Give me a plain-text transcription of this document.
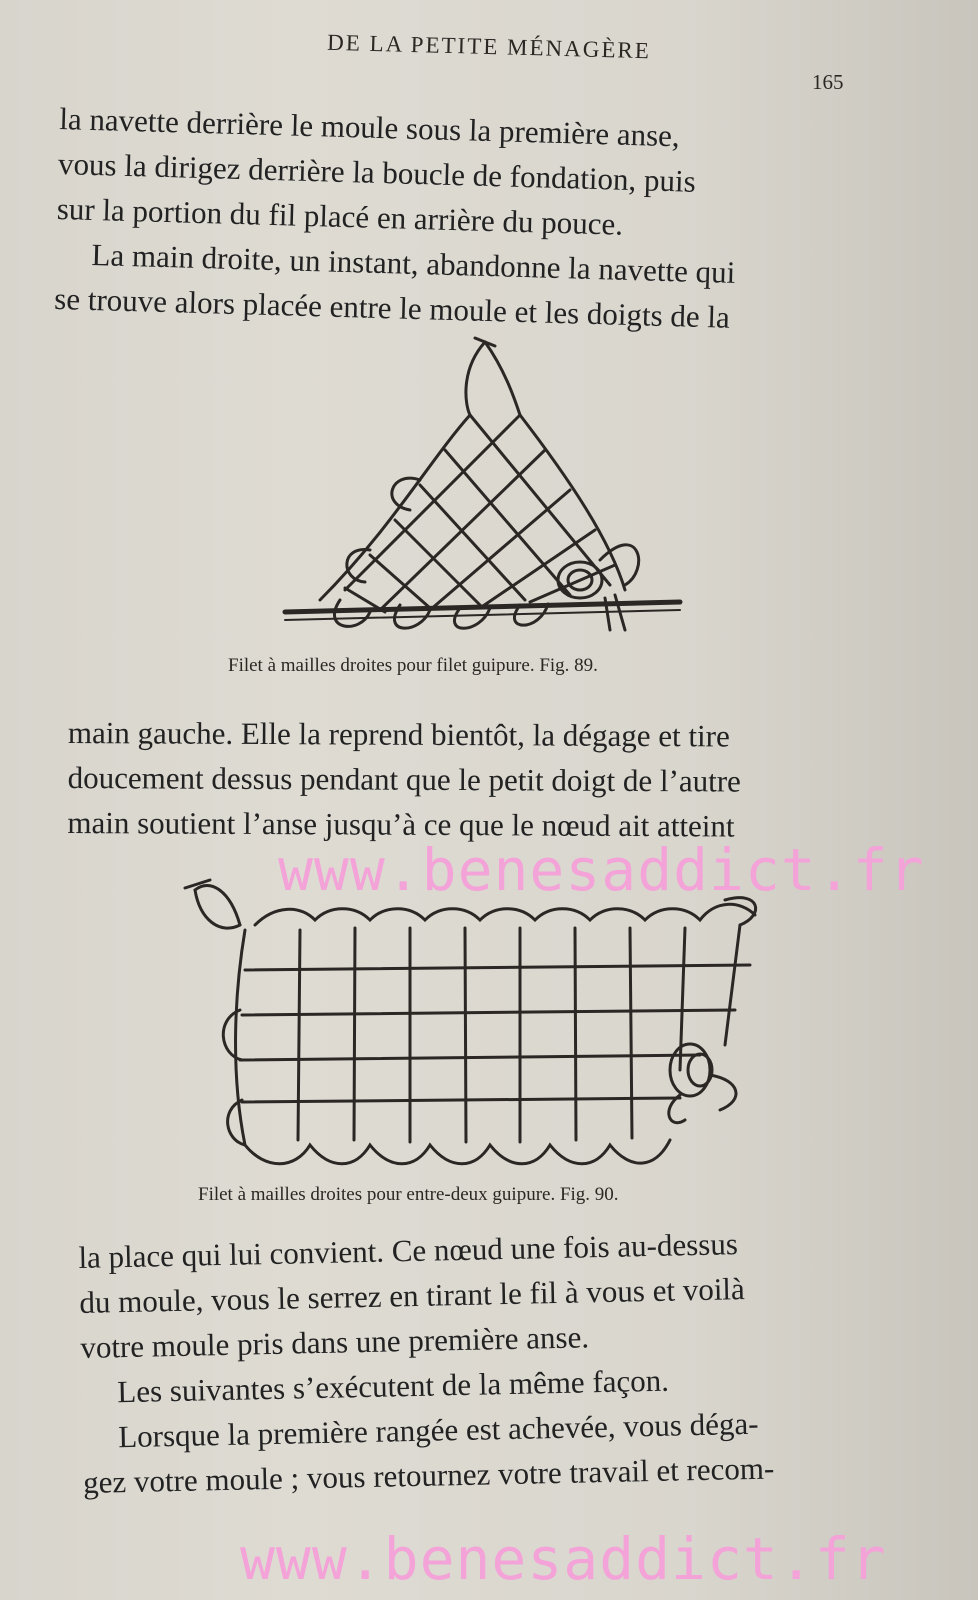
DE LA PETITE MÉNAGÈRE
165

la navette derrière le moule sous la première anse,

vous la dirigez derrière la boucle de fondation, puis

sur la portion du fil placé en arrière du pouce.

La main droite, un instant, abandonne la navette qui

se trouve alors placée entre le moule et les doigts de la

Filet à mailles droites pour filet guipure. Fig. 89.

main gauche. Elle la reprend bientôt, la dégage et tire

doucement dessus pendant que le petit doigt de l’autre

main soutient l’anse jusqu’à ce que le nœud ait atteint

www.benesaddict.fr
Filet à mailles droites pour entre-deux guipure. Fig. 90.

la place qui lui convient. Ce nœud une fois au-dessus

du moule, vous le serrez en tirant le fil à vous et voilà

votre moule pris dans une première anse.

Les suivantes s’exécutent de la même façon.

Lorsque la première rangée est achevée, vous déga-

gez votre moule ; vous retournez votre travail et recom-

www.benesaddict.fr
